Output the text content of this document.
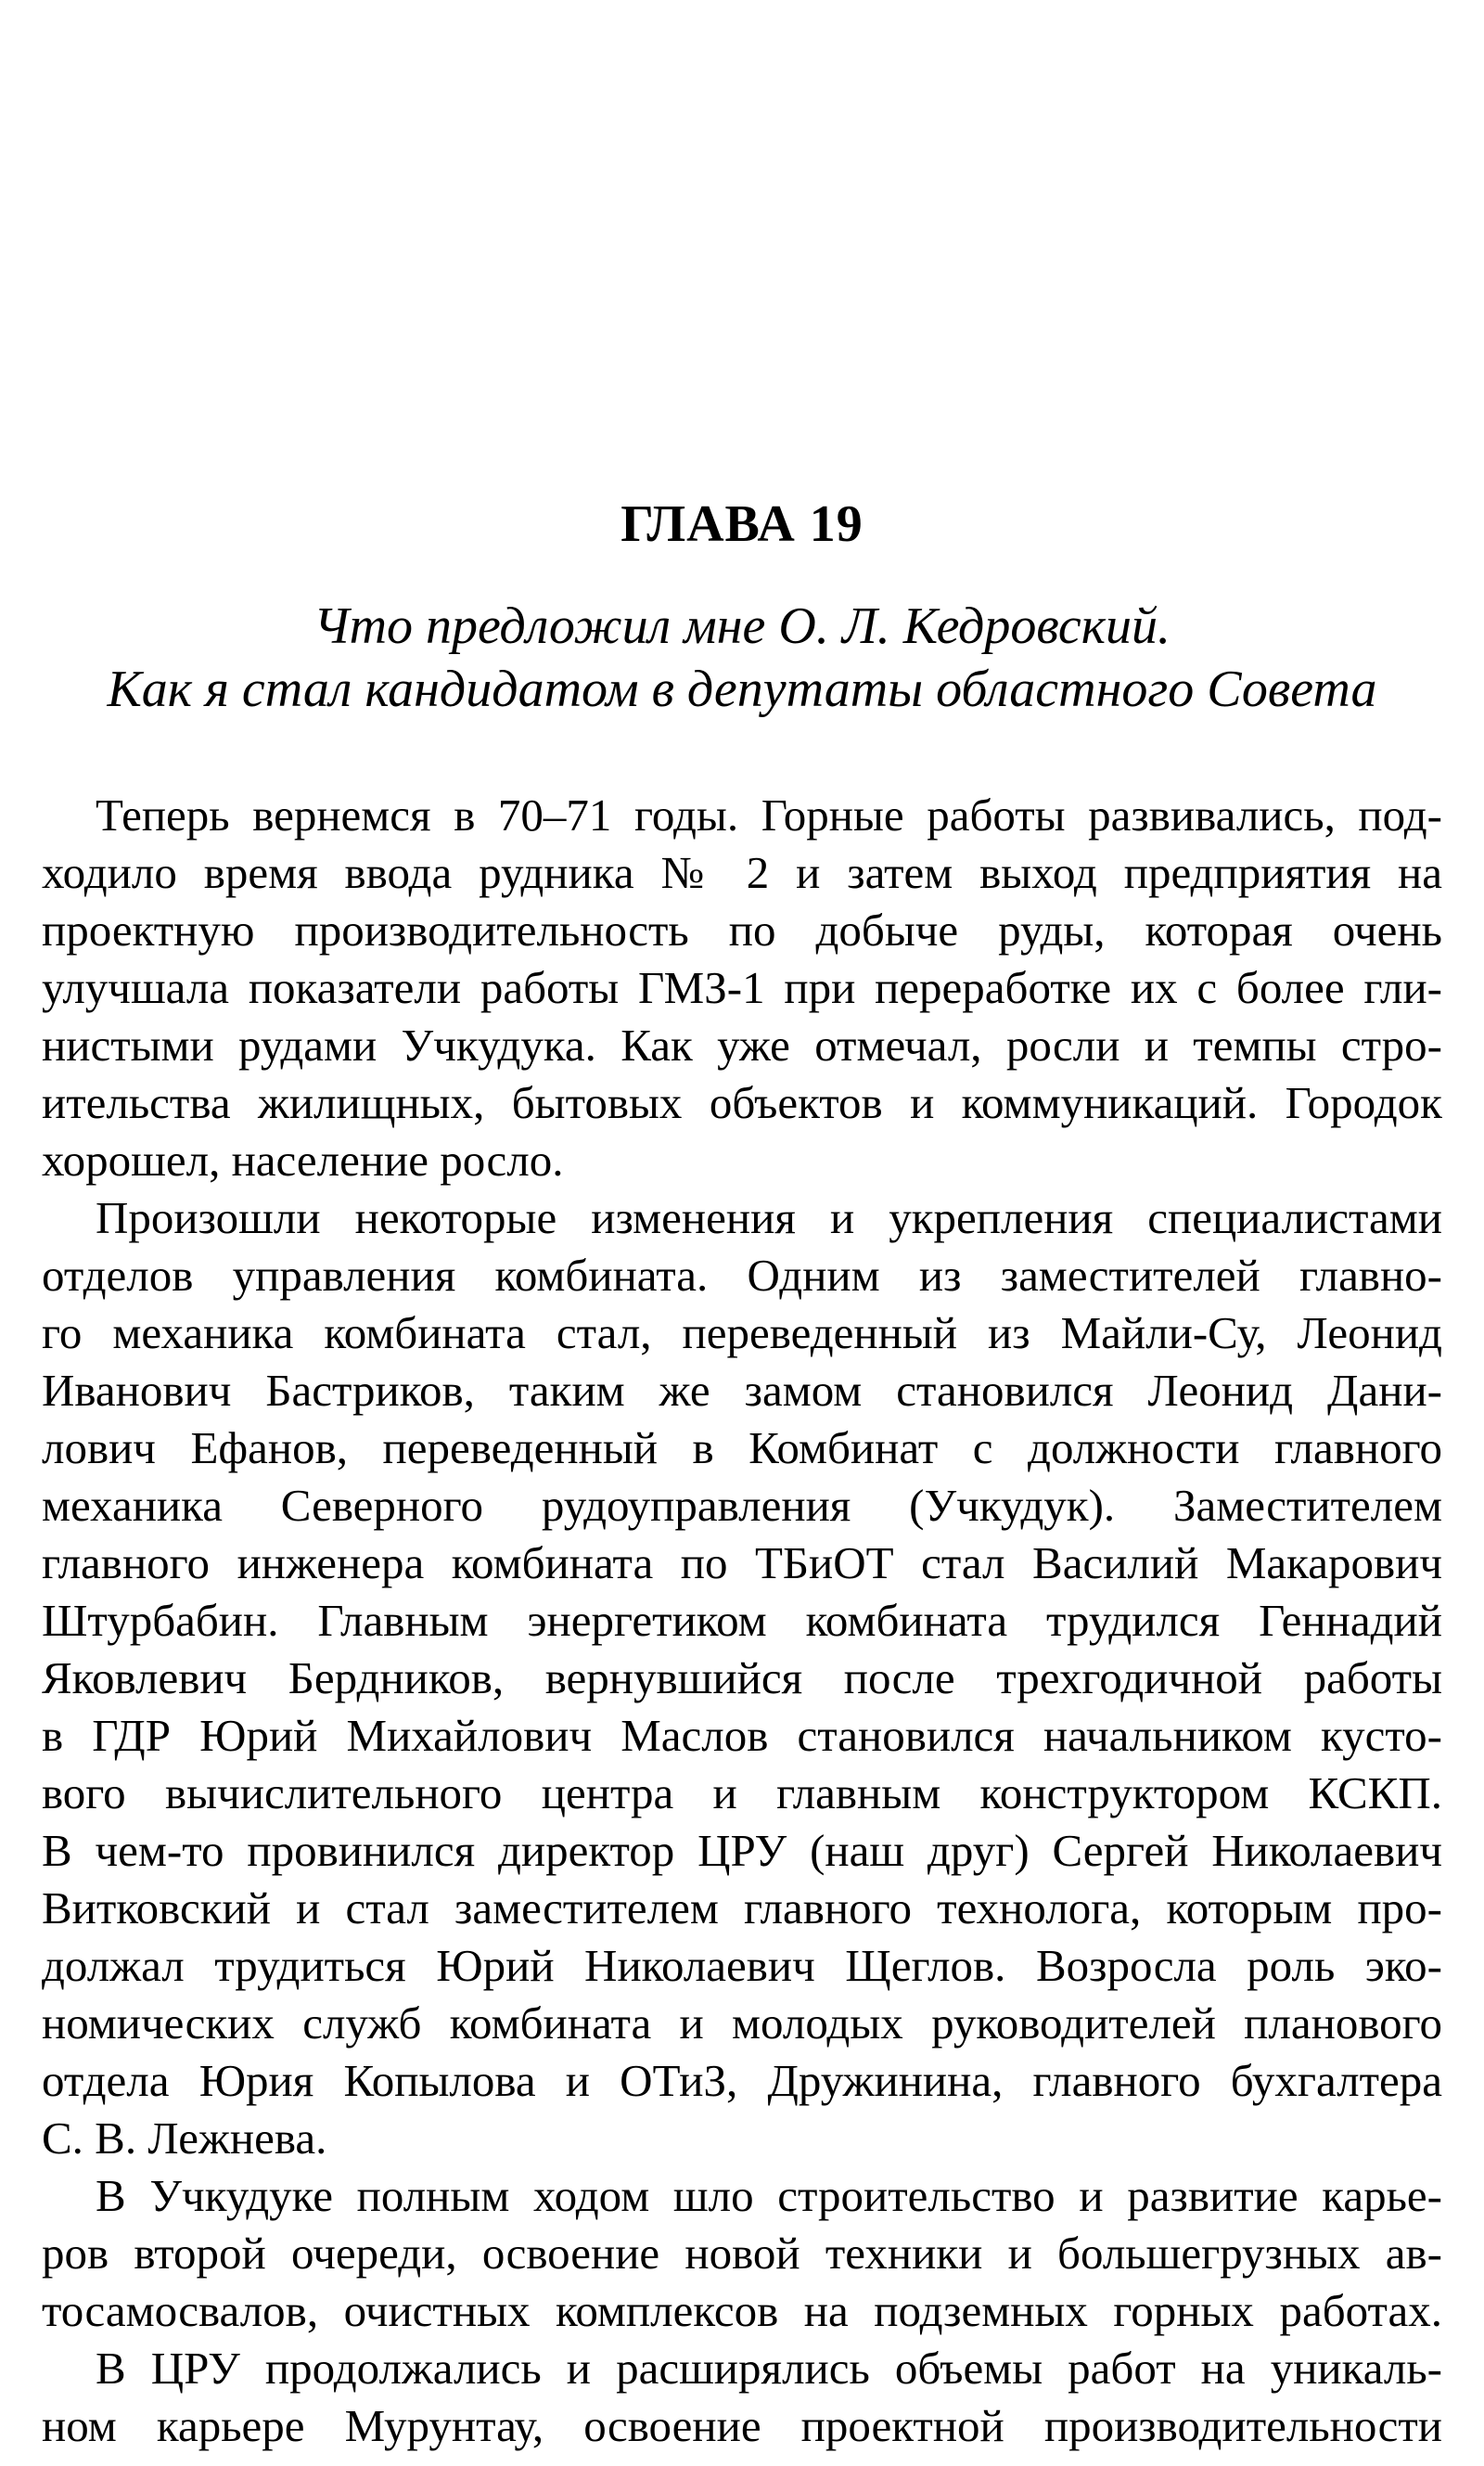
ГЛАВА 19
Что предложил мне О. Л. Кедровский.
Как я стал кандидатом в депутаты областного Совета
Теперь вернемся в 70–71 годы. Горные работы развивались, под-
ходило время ввода рудника № 2 и затем выход предприятия на
проектную производительность по добыче руды, которая очень
улучшала показатели работы ГМЗ-1 при переработке их с более гли-
нистыми рудами Учкудука. Как уже отмечал, росли и темпы стро-
ительства жилищных, бытовых объектов и коммуникаций. Городок
хорошел, население росло.
Произошли некоторые изменения и укрепления специалистами
отделов управления комбината. Одним из заместителей главно-
го механика комбината стал, переведенный из Майли-Су, Леонид
Иванович Бастриков, таким же замом становился Леонид Дани-
лович Ефанов, переведенный в Комбинат с должности главного
механика Северного рудоуправления (Учкудук). Заместителем
главного инженера комбината по ТБиОТ стал Василий Макарович
Штурбабин. Главным энергетиком комбината трудился Геннадий
Яковлевич Бердников, вернувшийся после трехгодичной работы
в ГДР Юрий Михайлович Маслов становился начальником кусто-
вого вычислительного центра и главным конструктором КСКП.
В чем-то провинился директор ЦРУ (наш друг) Сергей Николаевич
Витковский и стал заместителем главного технолога, которым про-
должал трудиться Юрий Николаевич Щеглов. Возросла роль эко-
номических служб комбината и молодых руководителей планового
отдела Юрия Копылова и ОТиЗ, Дружинина, главного бухгалтера
С. В. Лежнева.
В Учкудуке полным ходом шло строительство и развитие карье-
ров второй очереди, освоение новой техники и большегрузных ав-
тосамосвалов, очистных комплексов на подземных горных работах.
В ЦРУ продолжались и расширялись объемы работ на уникаль-
ном карьере Мурунтау, освоение проектной производительности
